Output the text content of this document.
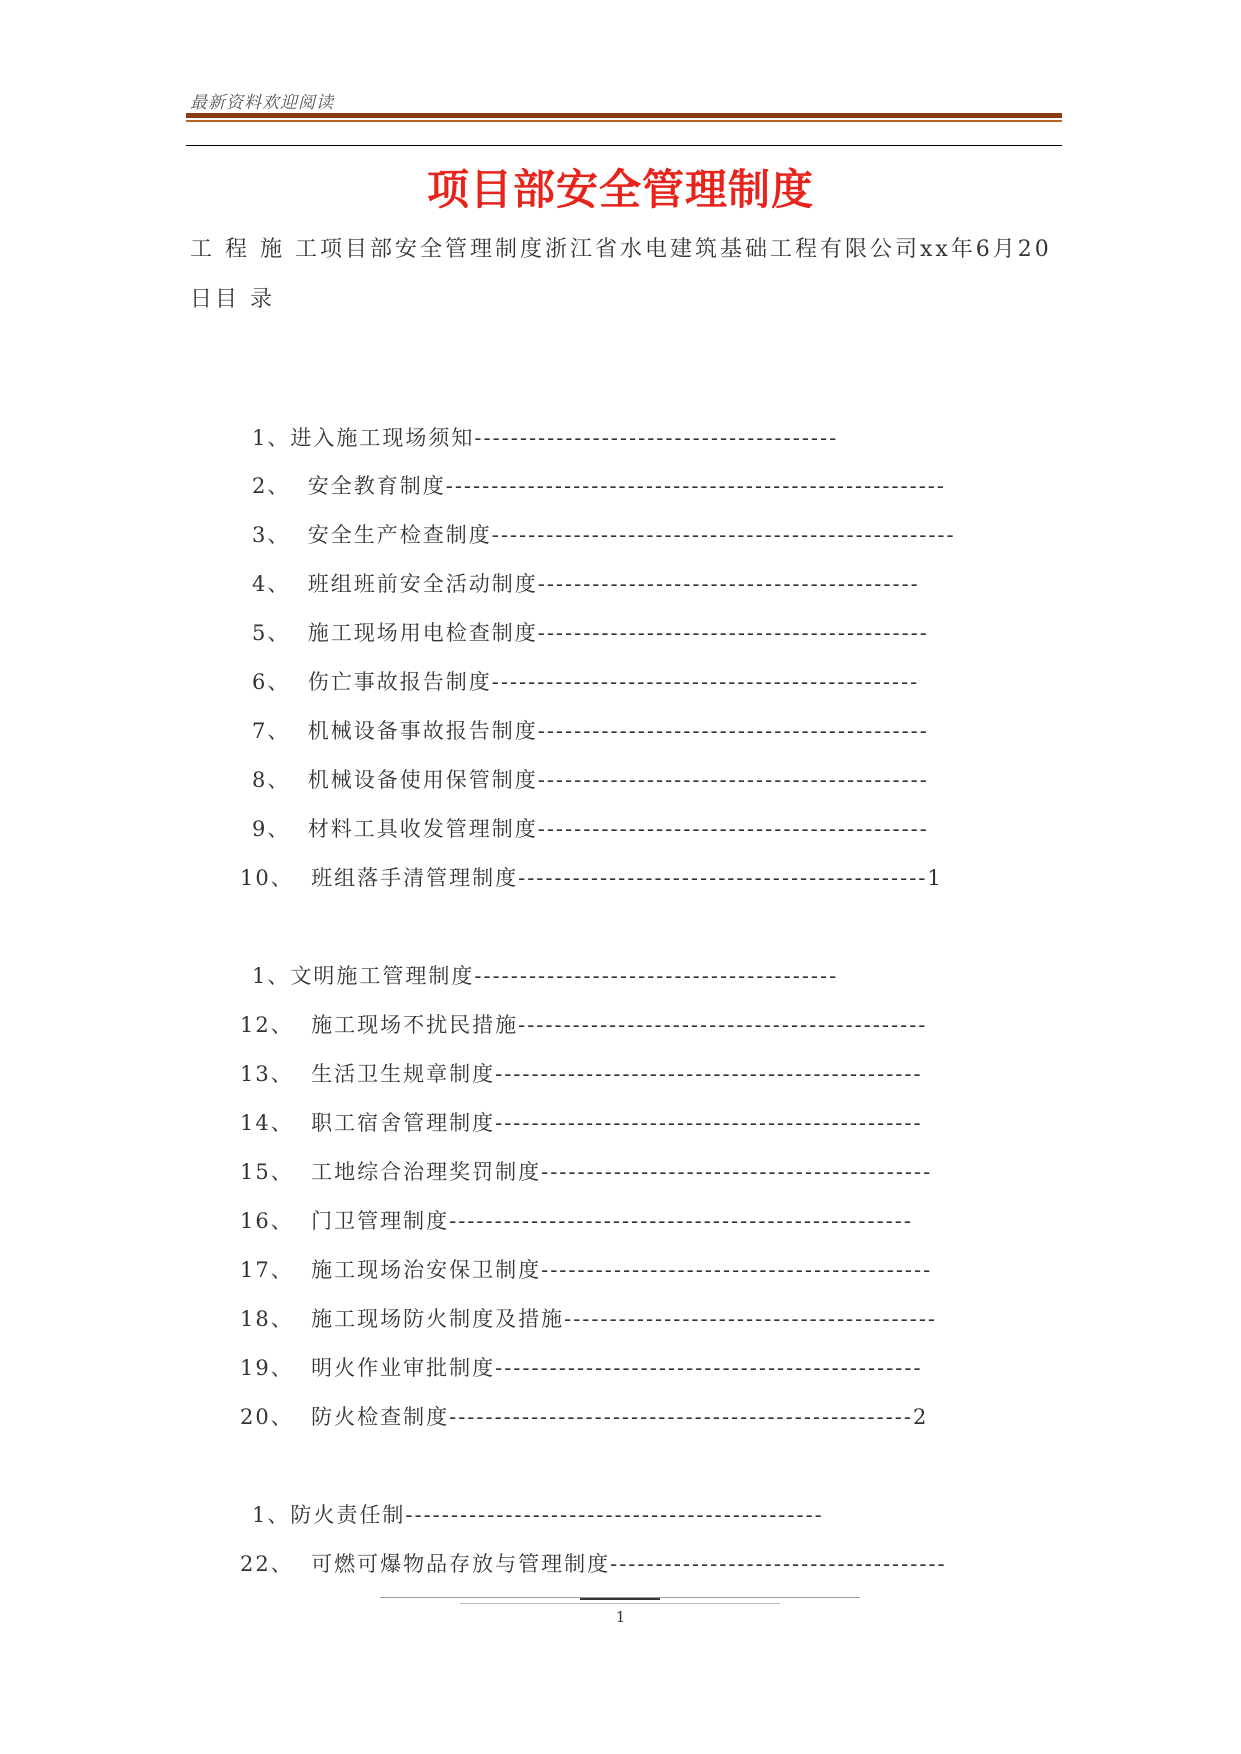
最新资料欢迎阅读
项目部安全管理制度
工 程 施 工项目部安全管理制度浙江省水电建筑基础工程有限公司xx年6月20日目 录
1、进入施工现场须知----------------------------------------
2、 安全教育制度-------------------------------------------------------
3、 安全生产检查制度---------------------------------------------------
4、 班组班前安全活动制度------------------------------------------
5、 施工现场用电检查制度-------------------------------------------
6、 伤亡事故报告制度-----------------------------------------------
7、 机械设备事故报告制度-------------------------------------------
8、 机械设备使用保管制度-------------------------------------------
9、 材料工具收发管理制度-------------------------------------------
10、 班组落手清管理制度---------------------------------------------1
1、文明施工管理制度----------------------------------------
12、 施工现场不扰民措施---------------------------------------------
13、 生活卫生规章制度-----------------------------------------------
14、 职工宿舍管理制度-----------------------------------------------
15、 工地综合治理奖罚制度-------------------------------------------
16、 门卫管理制度---------------------------------------------------
17、 施工现场治安保卫制度-------------------------------------------
18、 施工现场防火制度及措施-----------------------------------------
19、 明火作业审批制度-----------------------------------------------
20、 防火检查制度---------------------------------------------------2
1、防火责任制----------------------------------------------
22、 可燃可爆物品存放与管理制度-------------------------------------
1
